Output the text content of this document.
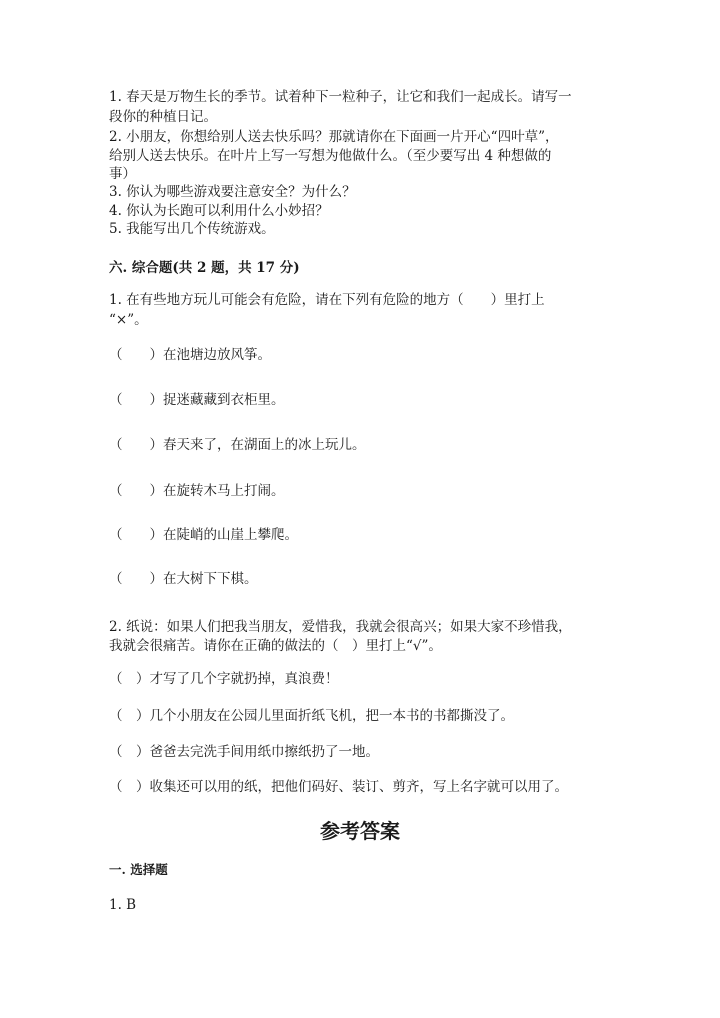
1. 春天是万物生长的季节。试着种下一粒种子，让它和我们一起成长。请写一
段你的种植日记。
2. 小朋友，你想给别人送去快乐吗？那就请你在下面画一片开心“四叶草”，
给别人送去快乐。在叶片上写一写想为他做什么。（至少要写出 4 种想做的
事）
3. 你认为哪些游戏要注意安全？为什么？
4. 你认为长跑可以利用什么小妙招？
5. 我能写出几个传统游戏。
六. 综合题(共 2 题，共 17 分)
1. 在有些地方玩儿可能会有危险，请在下列有危险的地方（　　）里打上
“×”。
（　　）在池塘边放风筝。
（　　）捉迷藏藏到衣柜里。
（　　）春天来了，在湖面上的冰上玩儿。
（　　）在旋转木马上打闹。
（　　）在陡峭的山崖上攀爬。
（　　）在大树下下棋。
2. 纸说：如果人们把我当朋友，爱惜我，我就会很高兴；如果大家不珍惜我，
我就会很痛苦。请你在正确的做法的（　）里打上“√”。
（　）才写了几个字就扔掉，真浪费！
（　）几个小朋友在公园儿里面折纸飞机，把一本书的书都撕没了。
（　）爸爸去完洗手间用纸巾擦纸扔了一地。
（　）收集还可以用的纸，把他们码好、装订、剪齐，写上名字就可以用了。
参考答案
一. 选择题
1. B
